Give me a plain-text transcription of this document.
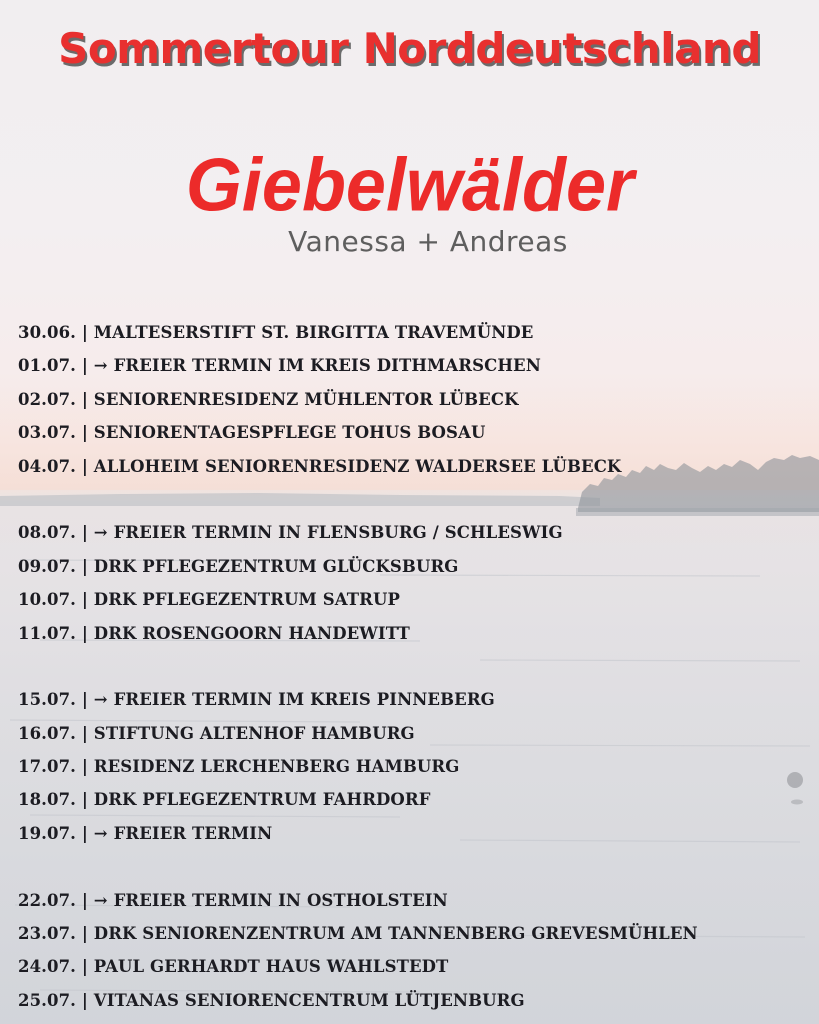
Sommertour Norddeutschland
Giebelwälder
Vanessa + Andreas
30.06. | MALTESERSTIFT ST. BIRGITTA TRAVEMÜNDE
01.07. | → FREIER TERMIN IM KREIS DITHMARSCHEN
02.07. | SENIORENRESIDENZ MÜHLENTOR LÜBECK
03.07. | SENIORENTAGESPFLEGE TOHUS BOSAU
04.07. | ALLOHEIM SENIORENRESIDENZ WALDERSEE LÜBECK
08.07. | → FREIER TERMIN IN FLENSBURG / SCHLESWIG
09.07. | DRK PFLEGEZENTRUM GLÜCKSBURG
10.07. | DRK PFLEGEZENTRUM SATRUP
11.07. | DRK ROSENGOORN HANDEWITT
15.07. | → FREIER TERMIN IM KREIS PINNEBERG
16.07. | STIFTUNG ALTENHOF HAMBURG
17.07. | RESIDENZ LERCHENBERG HAMBURG
18.07. | DRK PFLEGEZENTRUM FAHRDORF
19.07. | → FREIER TERMIN
22.07. | → FREIER TERMIN IN OSTHOLSTEIN
23.07. | DRK SENIORENZENTRUM AM TANNENBERG GREVESMÜHLEN
24.07. | PAUL GERHARDT HAUS WAHLSTEDT
25.07. | VITANAS SENIORENCENTRUM LÜTJENBURG
